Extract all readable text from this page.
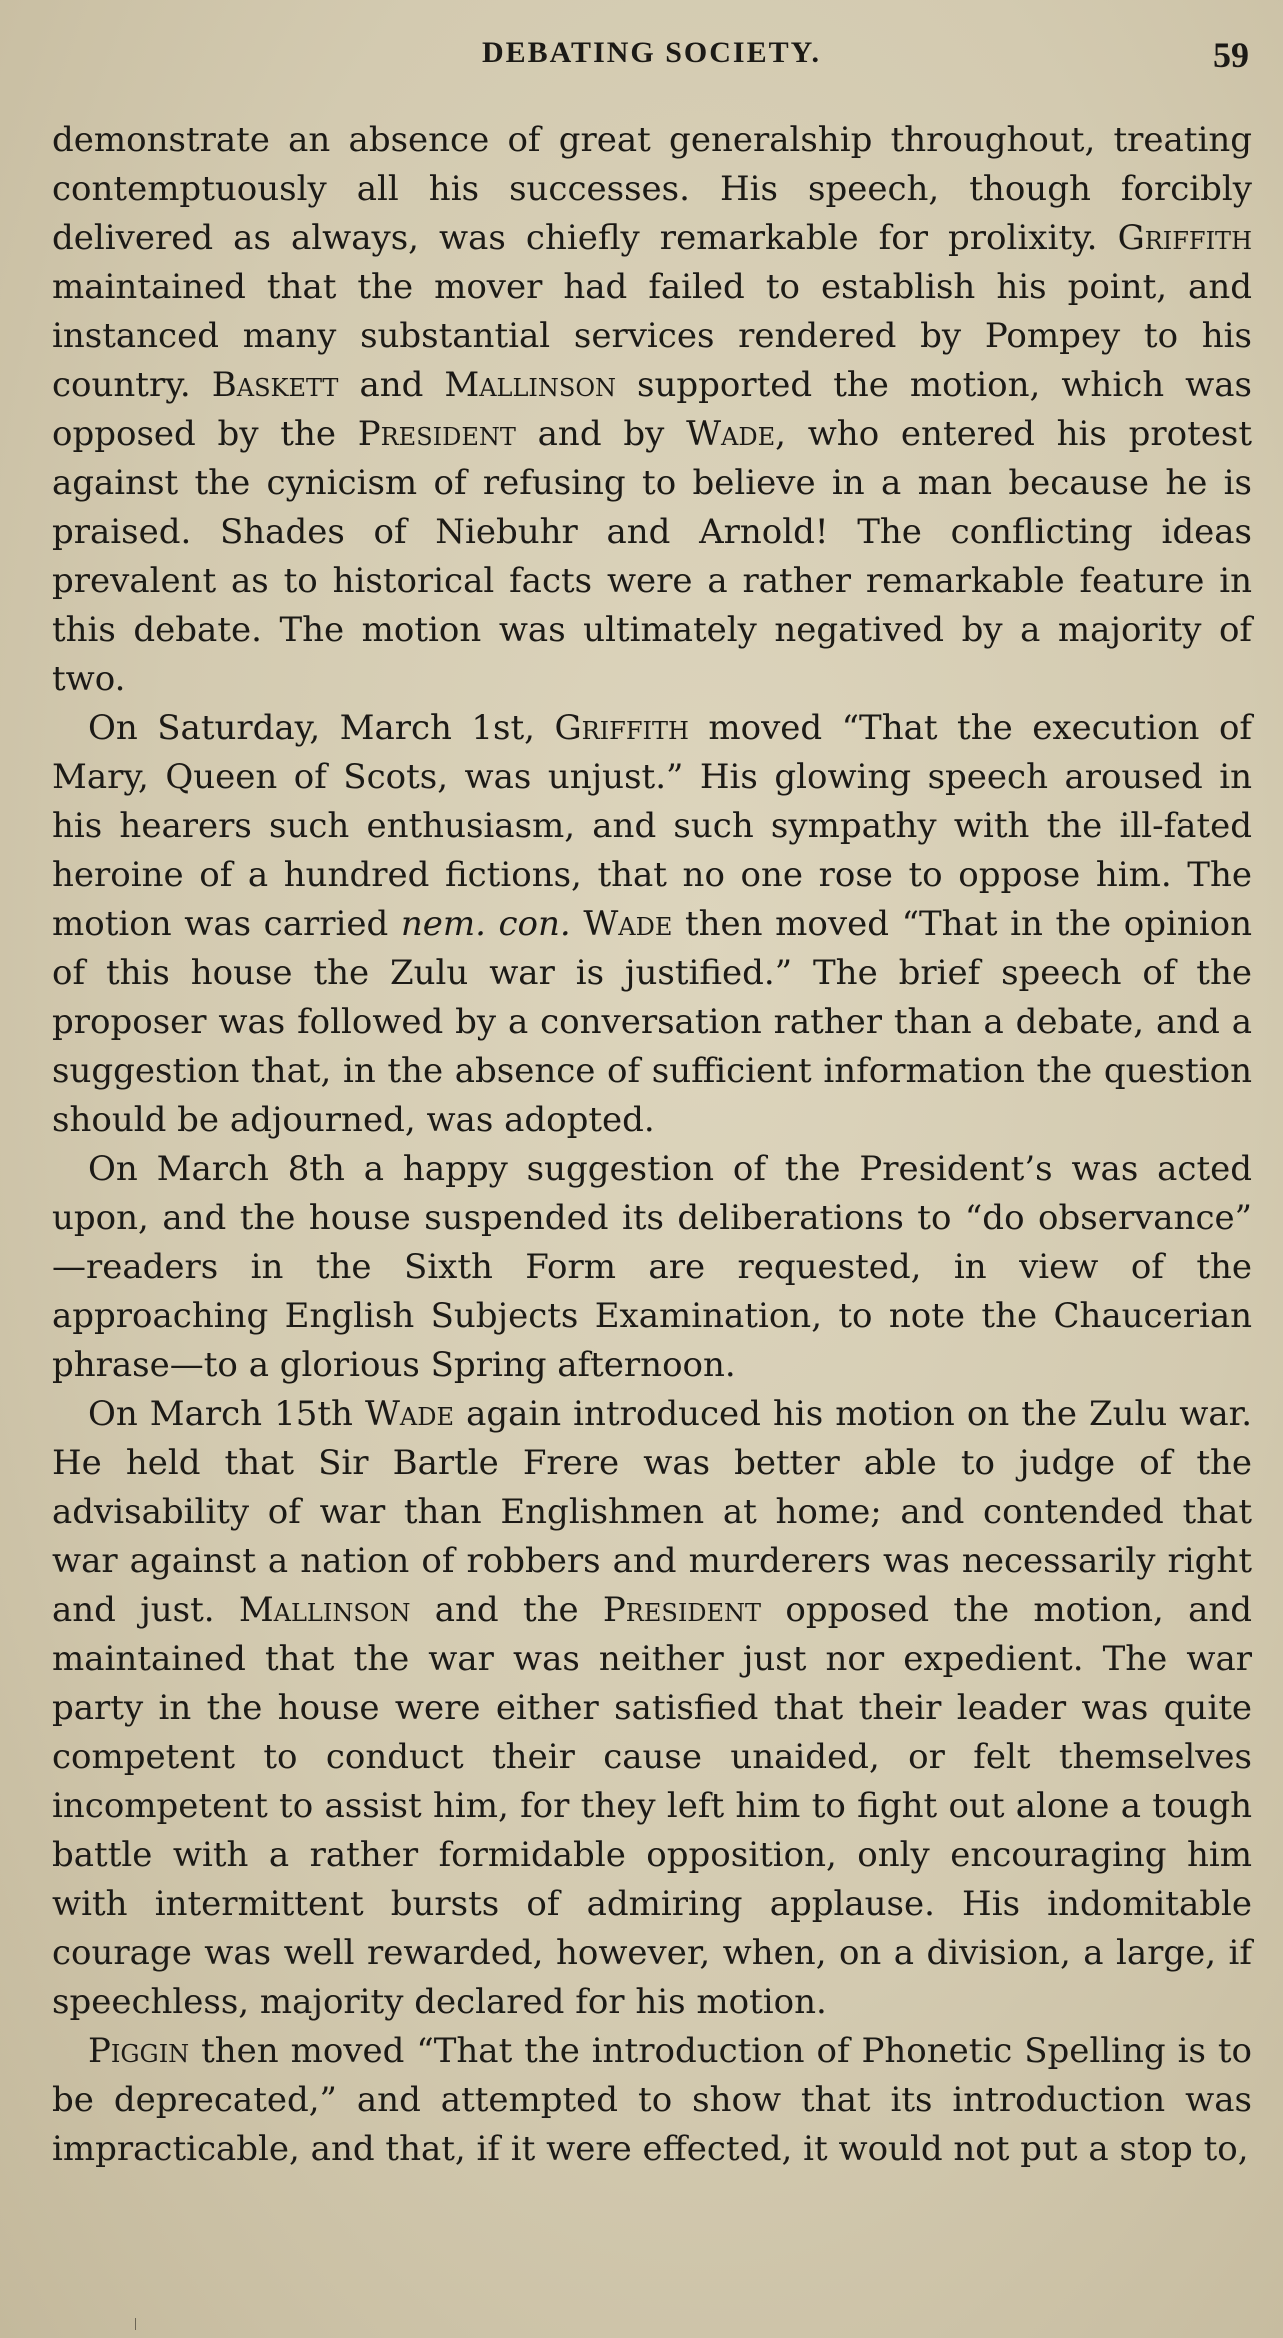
DEBATING SOCIETY.	59

demonstrate an absence of great generalship throughout, treating contemptuously all his successes. His speech, though forcibly delivered as always, was chiefly remarkable for prolixity. Griffith maintained that the mover had failed to establish his point, and instanced many substantial services rendered by Pompey to his country. Baskett and Mallinson supported the motion, which was opposed by the President and by Wade, who entered his protest against the cynicism of refusing to believe in a man because he is praised. Shades of Niebuhr and Arnold! The conflicting ideas prevalent as to historical facts were a rather remarkable feature in this debate. The motion was ultimately negatived by a majority of two.

On Saturday, March 1st, Griffith moved “That the execution of Mary, Queen of Scots, was unjust.” His glowing speech aroused in his hearers such enthusiasm, and such sympathy with the ill-fated heroine of a hundred fictions, that no one rose to oppose him. The motion was carried nem. con. Wade then moved “That in the opinion of this house the Zulu war is justified.” The brief speech of the proposer was followed by a conversation rather than a debate, and a suggestion that, in the absence of sufficient information the question should be adjourned, was adopted.

On March 8th a happy suggestion of the President’s was acted upon, and the house suspended its deliberations to “do observance” —readers in the Sixth Form are requested, in view of the approaching English Subjects Examination, to note the Chaucerian phrase—to a glorious Spring afternoon.

On March 15th Wade again introduced his motion on the Zulu war. He held that Sir Bartle Frere was better able to judge of the advisability of war than Englishmen at home; and contended that war against a nation of robbers and murderers was necessarily right and just. Mallinson and the President opposed the motion, and maintained that the war was neither just nor expedient. The war party in the house were either satisfied that their leader was quite competent to conduct their cause unaided, or felt themselves incompetent to assist him, for they left him to fight out alone a tough battle with a rather formidable opposition, only encouraging him with intermittent bursts of admiring applause. His indomitable courage was well rewarded, however, when, on a division, a large, if speechless, majority declared for his motion.

Piggin then moved “That the introduction of Phonetic Spelling is to be deprecated,” and attempted to show that its introduction was impracticable, and that, if it were effected, it would not put a stop to,
